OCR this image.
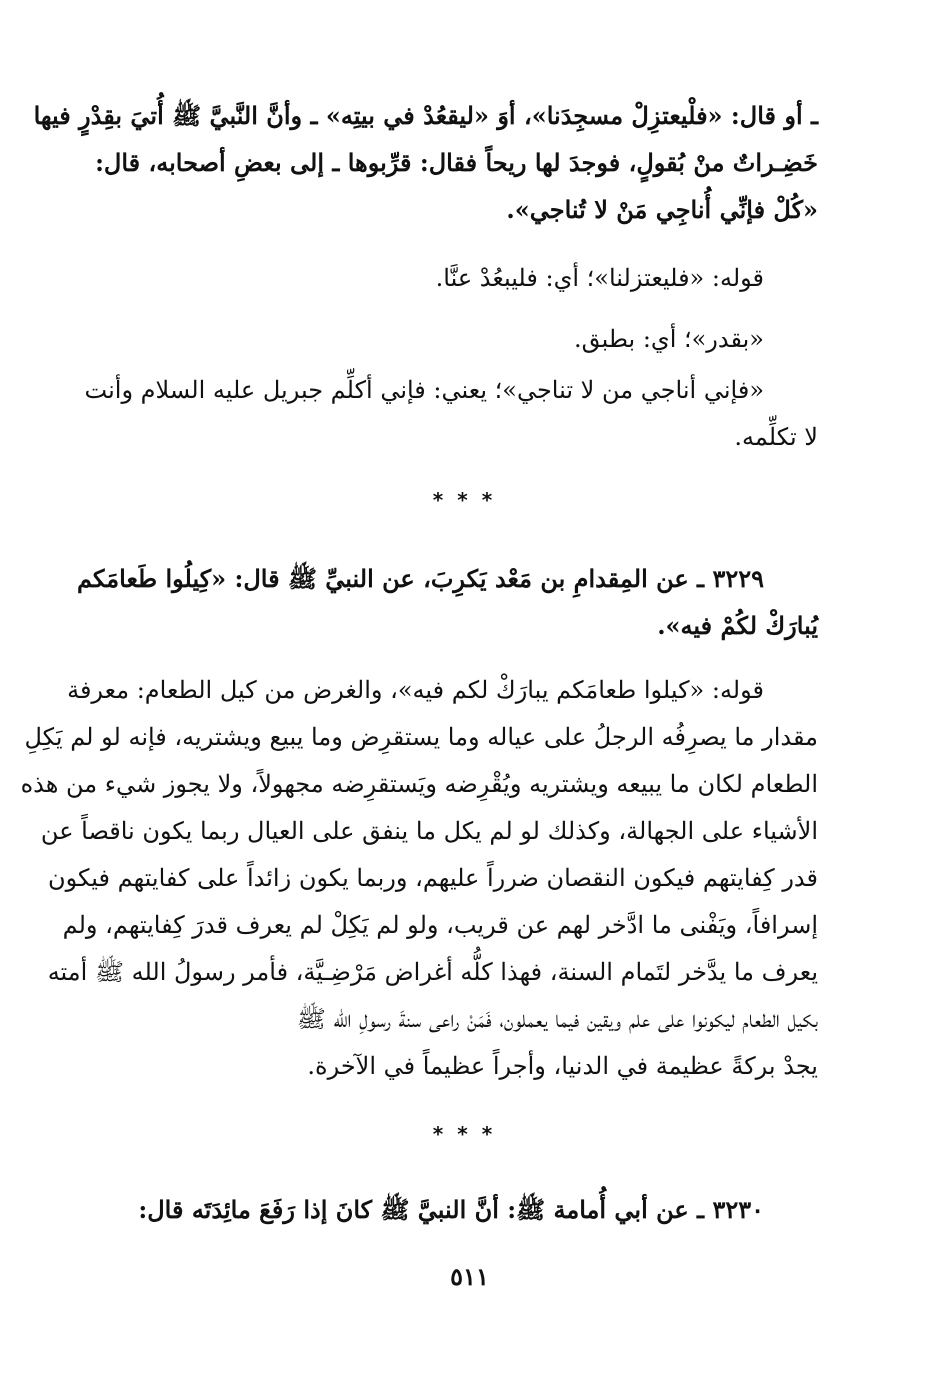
ـ أو قال: «فلْيعتزِلْ مسجِدَنا»، أوَ «ليقعُدْ في بيتِه» ـ وأنَّ النَّبيَّ ﷺ أُتيَ بقِدْرٍ فيها
خَضِـراتٌ منْ بُقولٍ، فوجدَ لها ريحاً فقال: قرِّبوها ـ إلى بعضِ أصحابه، قال:
«كُلْ فإنِّي أُناجِي مَنْ لا تُناجي».
قوله: «فليعتزلنا»؛ أي: فليبعُدْ عنَّا.
«بقدر»؛ أي: بطبق.
«فإني أناجي من لا تناجي»؛ يعني: فإني أكلِّم جبريل عليه السلام وأنت
لا تكلِّمه.
***
٣٢٢٩ ـ عن المِقدامِ بن مَعْد يَكرِبَ، عن النبيِّ ﷺ قال: «كِيلُوا طَعامَكم
يُبارَكْ لكُمْ فيه».
قوله: «كيلوا طعامَكم يبارَكْ لكم فيه»، والغرض من كيل الطعام: معرفة
مقدار ما يصرِفُه الرجلُ على عياله وما يستقرِض وما يبيع ويشتريه، فإنه لو لم يَكِلِ
الطعام لكان ما يبيعه ويشتريه ويُقْرِضه ويَستقرِضه مجهولاً، ولا يجوز شيء من هذه
الأشياء على الجهالة، وكذلك لو لم يكل ما ينفق على العيال ربما يكون ناقصاً عن
قدر كِفايتهم فيكون النقصان ضرراً عليهم، وربما يكون زائداً على كفايتهم فيكون
إسرافاً، ويَفْنى ما ادَّخر لهم عن قريب، ولو لم يَكِلْ لم يعرف قدرَ كِفايتهم، ولم
يعرف ما يدَّخر لتَمام السنة، فهذا كلُّه أغراض مَرْضِـيَّة، فأمر رسولُ الله ﷺ أمته
بكيل الطعام ليكونوا على علم ويقين فيما يعملون، فَمَنْ راعى سنةَ رسولِ الله ﷺ
يجدْ بركةً عظيمة في الدنيا، وأجراً عظيماً في الآخرة.
***
٣٢٣٠ ـ عن أبي أُمامة ﷺ: أنَّ النبيَّ ﷺ كانَ إذا رَفَعَ مائِدَتَه قال:
٥١١
